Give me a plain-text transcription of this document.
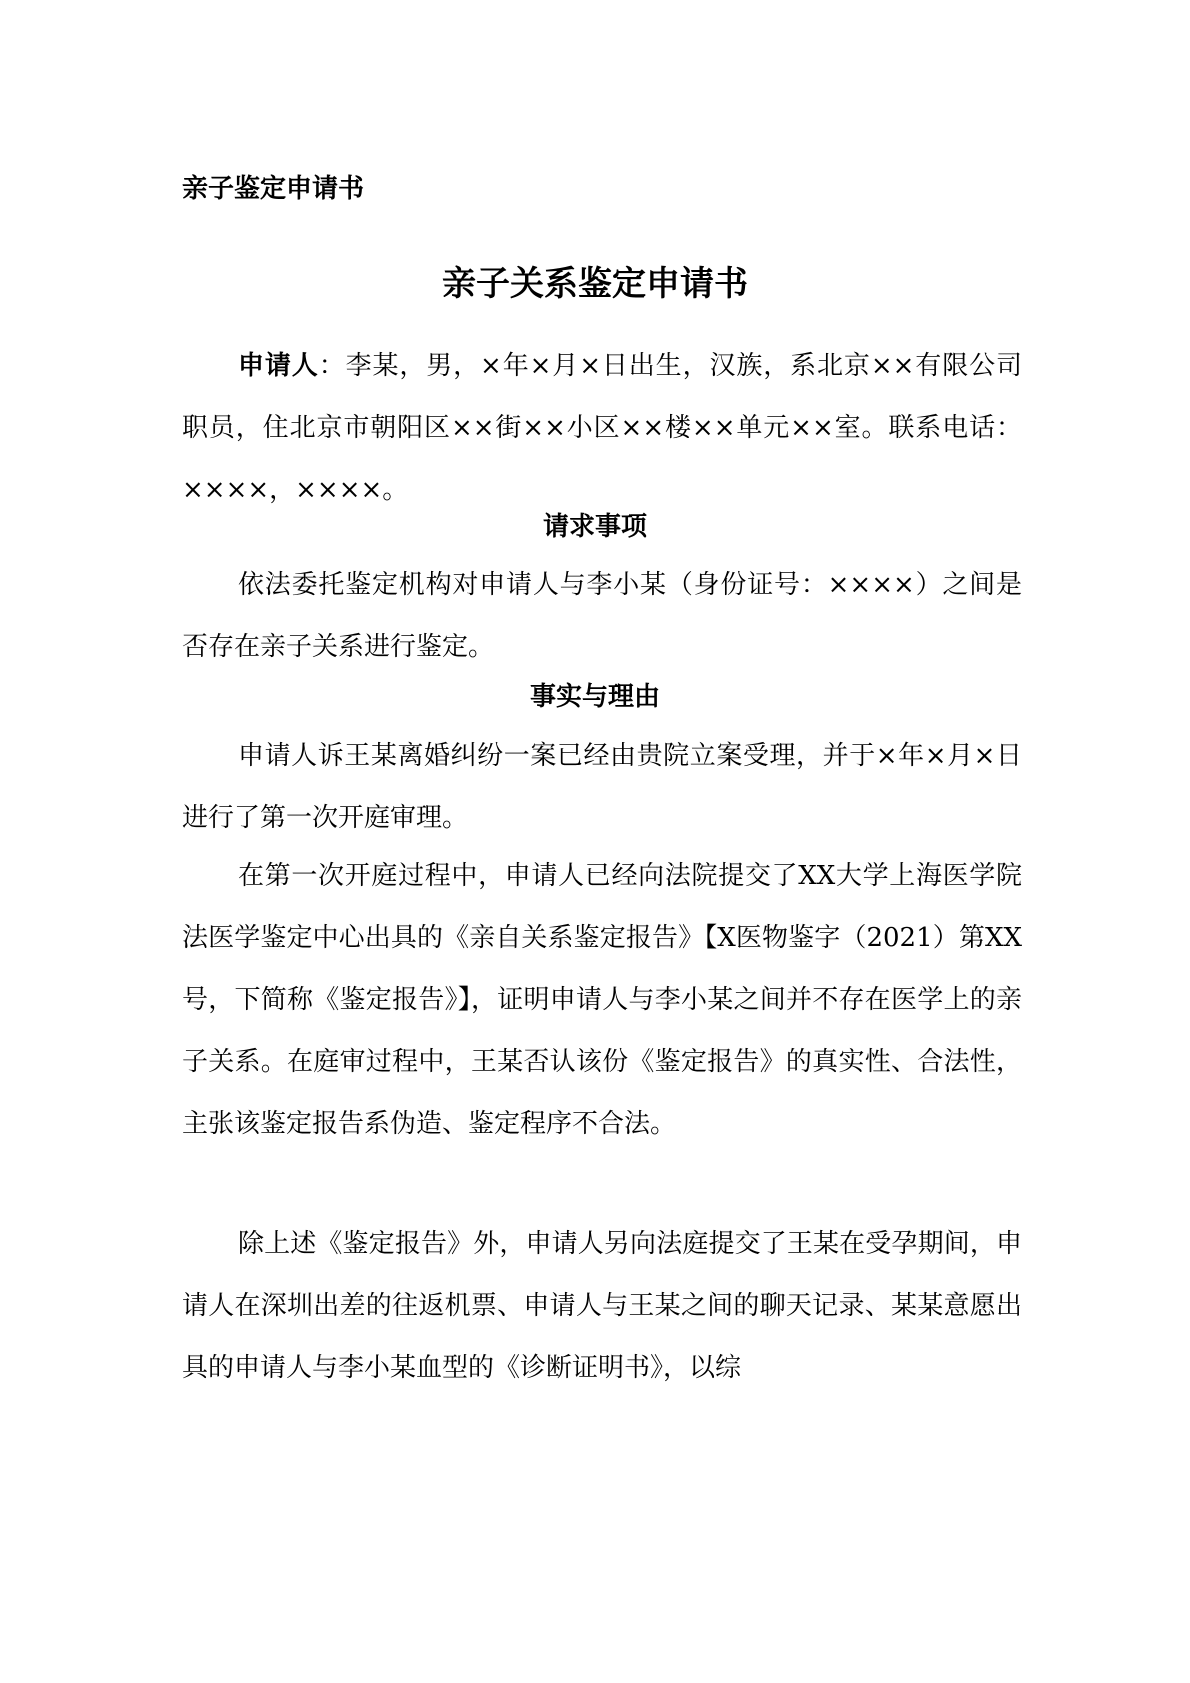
亲子鉴定申请书
亲子关系鉴定申请书

申请人：李某，男，×年×月×日出生，汉族，系北京××有限公司职员，住北京市朝阳区××街××小区××楼××单元××室。联系电话：××××，××××。

请求事项

依法委托鉴定机构对申请人与李小某（身份证号：××××）之间是否存在亲子关系进行鉴定。

事实与理由

申请人诉王某离婚纠纷一案已经由贵院立案受理，并于×年×月×日进行了第一次开庭审理。

在第一次开庭过程中，申请人已经向法院提交了XX大学上海医学院法医学鉴定中心出具的《亲自关系鉴定报告》【X医物鉴字（2021）第XX号，下简称《鉴定报告》】，证明申请人与李小某之间并不存在医学上的亲子关系。在庭审过程中，王某否认该份《鉴定报告》的真实性、合法性，主张该鉴定报告系伪造、鉴定程序不合法。

除上述《鉴定报告》外，申请人另向法庭提交了王某在受孕期间，申请人在深圳出差的往返机票、申请人与王某之间的聊天记录、某某意愿出具的申请人与李小某血型的《诊断证明书》，以综
